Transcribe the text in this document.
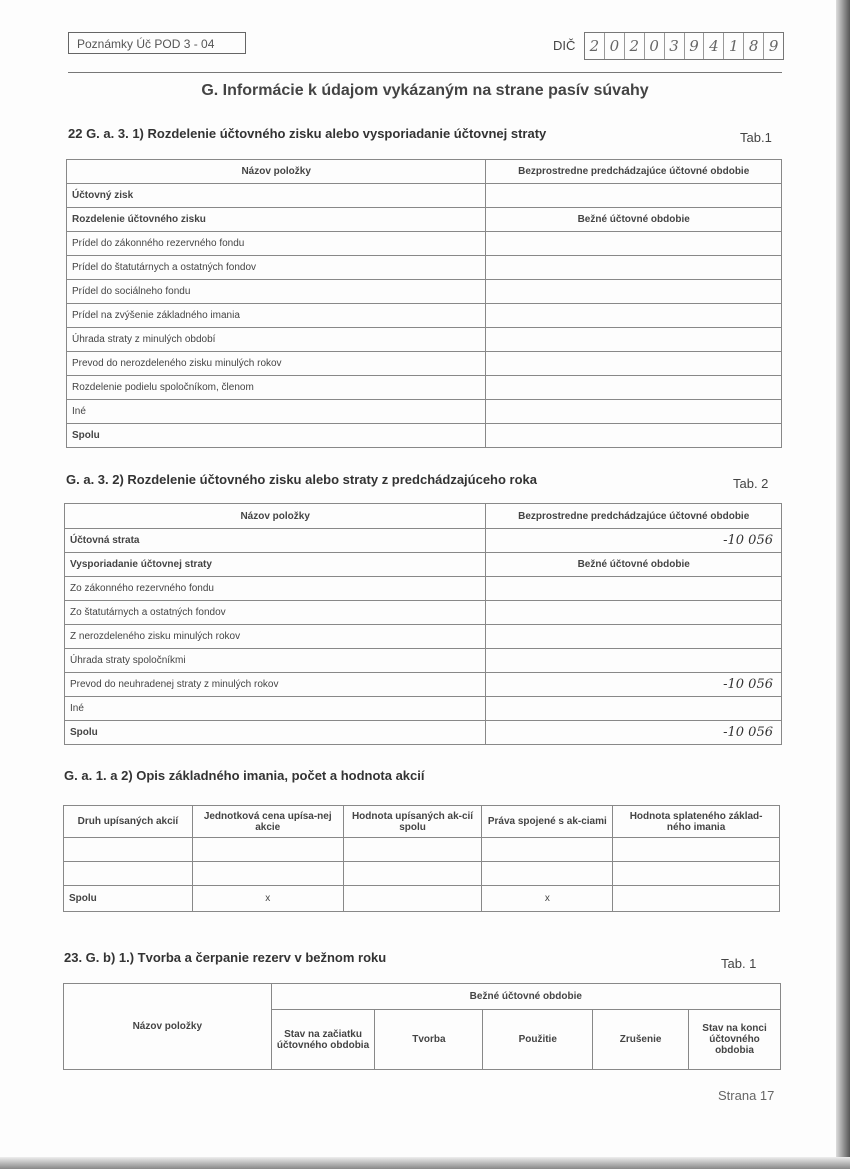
Poznámky Úč POD 3 - 04	DIČ 2 0 2 0 3 9 4 1 8 9
G. Informácie k údajom vykázaným na strane pasív súvahy
22 G. a. 3. 1) Rozdelenie účtovného zisku alebo vysporiadanie účtovnej straty	Tab.1
Názov položky	Bezprostredne predchádzajúce účtovné obdobie
Účtovný zisk	
Rozdelenie účtovného zisku	Bežné účtovné obdobie
Prídel do zákonného rezervného fondu	
Prídel do štatutárnych a ostatných fondov	
Prídel do sociálneho fondu	
Prídel na zvýšenie základného imania	
Úhrada straty z minulých období	
Prevod do nerozdeleného zisku minulých rokov	
Rozdelenie podielu spoločníkom, členom	
Iné	
Spolu	
G. a. 3. 2) Rozdelenie účtovného zisku alebo straty z predchádzajúceho roka	Tab. 2
Názov položky	Bezprostredne predchádzajúce účtovné obdobie
Účtovná strata	-10 056
Vysporiadanie účtovnej straty	Bežné účtovné obdobie
Zo zákonného rezervného fondu	
Zo štatutárnych a ostatných fondov	
Z nerozdeleného zisku minulých rokov	
Úhrada straty spoločníkmi	
Prevod do neuhradenej straty z minulých rokov	-10 056
Iné	
Spolu	-10 056
G. a. 1. a 2) Opis základného imania, počet a hodnota akcií
Druh upísaných akcií	Jednotková cena upísa-nej akcie	Hodnota upísaných ak-cií spolu	Práva spojené s ak-ciami	Hodnota splateného základ-ného imania

Spolu	x		x	
23. G. b) 1.) Tvorba a čerpanie rezerv v bežnom roku	Tab. 1
Názov položky	Bežné účtovné obdobie				
	Stav na začiatku účtovného obdobia	Tvorba	Použitie	Zrušenie	Stav na konci účtovného obdobia
Strana 17
